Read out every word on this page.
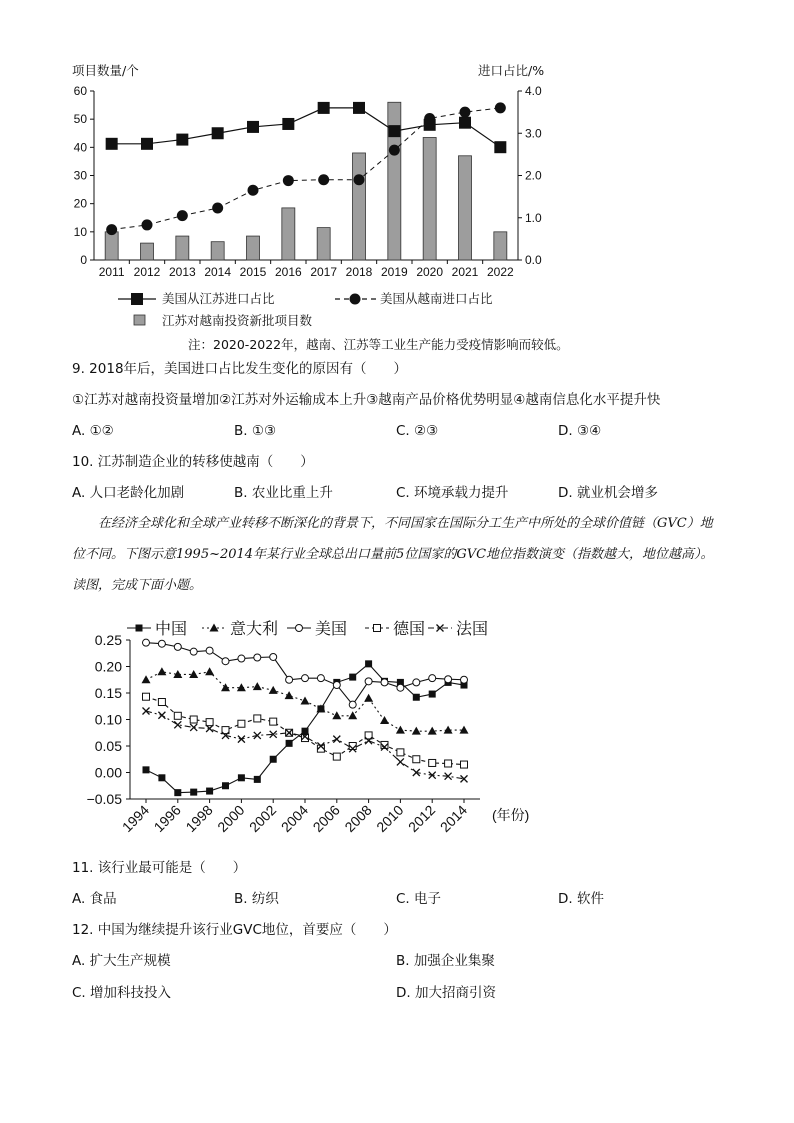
项目数量/个	进口占比/%
0
10
20
30
40
50
60
0.0
1.0
2.0
3.0
4.0
2011 2012 2013 2014 2015 2016 2017 2018 2019 2020 2021 2022
美国从江苏进口占比	美国从越南进口占比
江苏对越南投资新批项目数
注：2020-2022年，越南、江苏等工业生产能力受疫情影响而较低。
9. 2018年后，美国进口占比发生变化的原因有（　　）
①江苏对越南投资量增加②江苏对外运输成本上升③越南产品价格优势明显④越南信息化水平提升快
A. ①②	B. ①③	C. ②③	D. ③④
10. 江苏制造企业的转移使越南（　　）
A. 人口老龄化加剧	B. 农业比重上升	C. 环境承载力提升	D. 就业机会增多
在经济全球化和全球产业转移不断深化的背景下，不同国家在国际分工生产中所处的全球价值链（GVC）地位不同。下图示意1995~2014年某行业全球总出口量前5位国家的GVC地位指数演变（指数越大，地位越高）。读图，完成下面小题。
0.25
0.20
0.15
0.10
0.05
0.00
−0.05
1994
1996
1998
2000
2002
2004
2006
2008
2010
2012
2014 (年份)
中国	意大利 美国	德国 法国
11. 该行业最可能是（　　）
A. 食品	B. 纺织	C. 电子	D. 软件
12. 中国为继续提升该行业GVC地位，首要应（　　）
A. 扩大生产规模	B. 加强企业集聚
C. 增加科技投入	D. 加大招商引资
